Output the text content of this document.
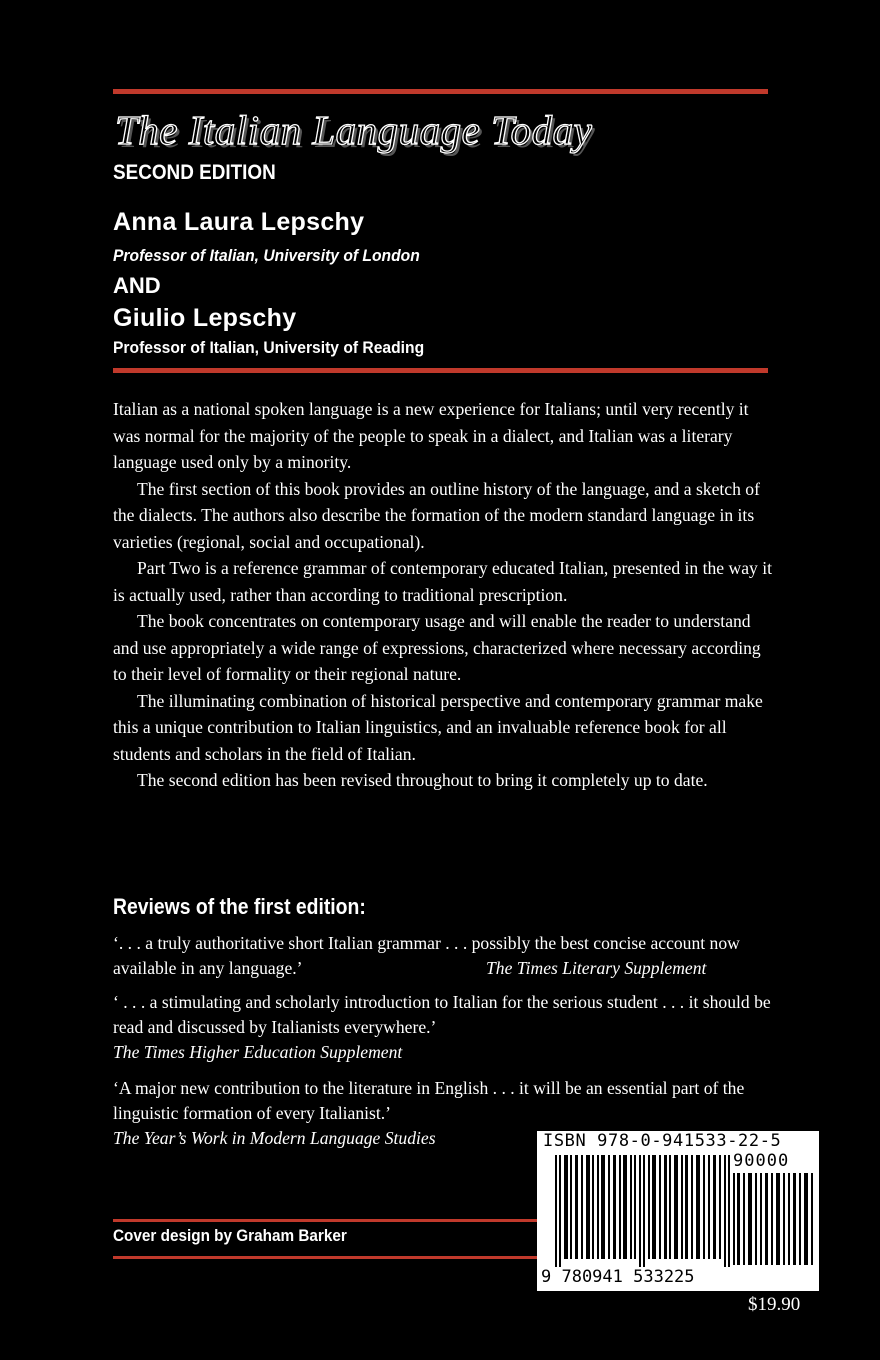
The Italian Language Today
SECOND EDITION
Anna Laura Lepschy
Professor of Italian, University of London
AND
Giulio Lepschy
Professor of Italian, University of Reading

Italian as a national spoken language is a new experience for Italians; until very recently it was normal for the majority of the people to speak in a dialect, and Italian was a literary language used only by a minority.

The first section of this book provides an outline history of the language, and a sketch of the dialects. The authors also describe the formation of the modern standard language in its varieties (regional, social and occupational).

Part Two is a reference grammar of contemporary educated Italian, presented in the way it is actually used, rather than according to traditional prescription.

The book concentrates on contemporary usage and will enable the reader to understand and use appropriately a wide range of expressions, characterized where necessary according to their level of formality or their regional nature.

The illuminating combination of historical perspective and contemporary grammar make this a unique contribution to Italian linguistics, and an invaluable reference book for all students and scholars in the field of Italian.

The second edition has been revised throughout to bring it completely up to date.

Reviews of the first edition:
‘. . . a truly authoritative short Italian grammar . . . possibly the best concise account now available in any language.’	The Times Literary Supplement
‘ . . . a stimulating and scholarly introduction to Italian for the serious student . . . it should be read and discussed by Italianists everywhere.’
The Times Higher Education Supplement
‘A major new contribution to the literature in English . . . it will be an essential part of the linguistic formation of every Italianist.’
The Year’s Work in Modern Language Studies
Cover design by Graham Barker
ISBN 978-0-941533-22-5
90000
9 780941 533225
$19.90
